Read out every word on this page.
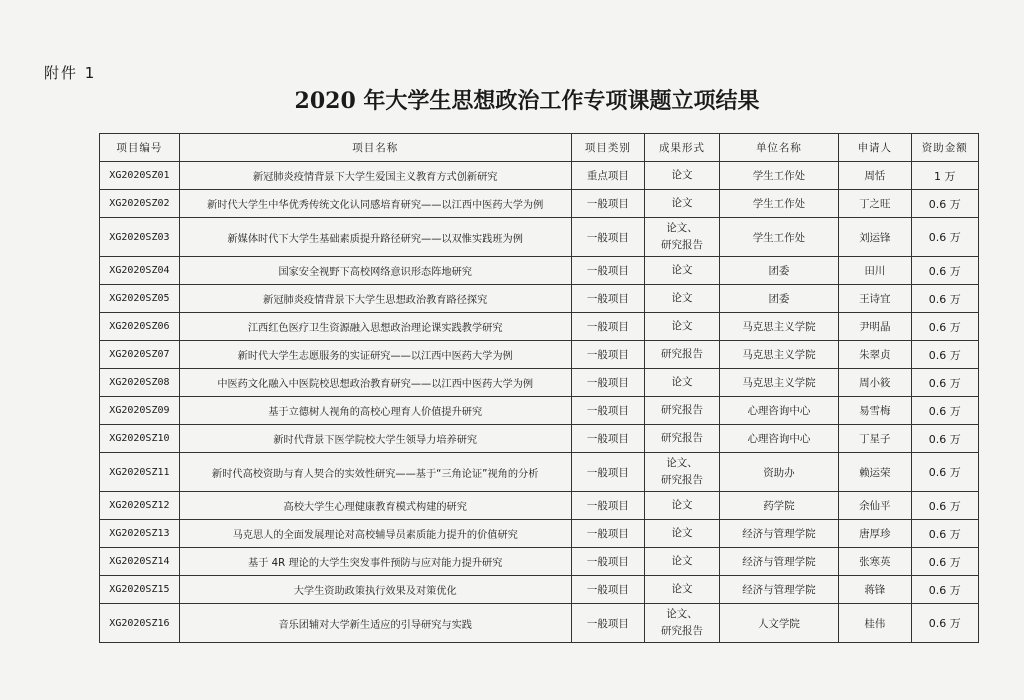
附件 1
2020 年大学生思想政治工作专项课题立项结果
项目编号	项目名称	项目类别	成果形式	单位名称	申请人	资助金额
XG2020SZ01	新冠肺炎疫情背景下大学生爱国主义教育方式创新研究	重点项目	论文	学生工作处	周恬	1 万
XG2020SZ02	新时代大学生中华优秀传统文化认同感培育研究——以江西中医药大学为例	一般项目	论文	学生工作处	丁之旺	0.6 万
XG2020SZ03	新媒体时代下大学生基础素质提升路径研究——以双惟实践班为例	一般项目	论文、
研究报告	学生工作处	刘运锋	0.6 万
XG2020SZ04	国家安全视野下高校网络意识形态阵地研究	一般项目	论文	团委	田川	0.6 万
XG2020SZ05	新冠肺炎疫情背景下大学生思想政治教育路径探究	一般项目	论文	团委	王诗宜	0.6 万
XG2020SZ06	江西红色医疗卫生资源融入思想政治理论课实践教学研究	一般项目	论文	马克思主义学院	尹明晶	0.6 万
XG2020SZ07	新时代大学生志愿服务的实证研究——以江西中医药大学为例	一般项目	研究报告	马克思主义学院	朱翠贞	0.6 万
XG2020SZ08	中医药文化融入中医院校思想政治教育研究——以江西中医药大学为例	一般项目	论文	马克思主义学院	周小筱	0.6 万
XG2020SZ09	基于立德树人视角的高校心理育人价值提升研究	一般项目	研究报告	心理咨询中心	易雪梅	0.6 万
XG2020SZ10	新时代背景下医学院校大学生领导力培养研究	一般项目	研究报告	心理咨询中心	丁星子	0.6 万
XG2020SZ11	新时代高校资助与育人契合的实效性研究——基于“三角论证”视角的分析	一般项目	论文、
研究报告	资助办	赖运荣	0.6 万
XG2020SZ12	高校大学生心理健康教育模式构建的研究	一般项目	论文	药学院	余仙平	0.6 万
XG2020SZ13	马克思人的全面发展理论对高校辅导员素质能力提升的价值研究	一般项目	论文	经济与管理学院	唐厚珍	0.6 万
XG2020SZ14	基于 4R 理论的大学生突发事件预防与应对能力提升研究	一般项目	论文	经济与管理学院	张寒英	0.6 万
XG2020SZ15	大学生资助政策执行效果及对策优化	一般项目	论文	经济与管理学院	蒋锋	0.6 万
XG2020SZ16	音乐团辅对大学新生适应的引导研究与实践	一般项目	论文、
研究报告	人文学院	桂伟	0.6 万
